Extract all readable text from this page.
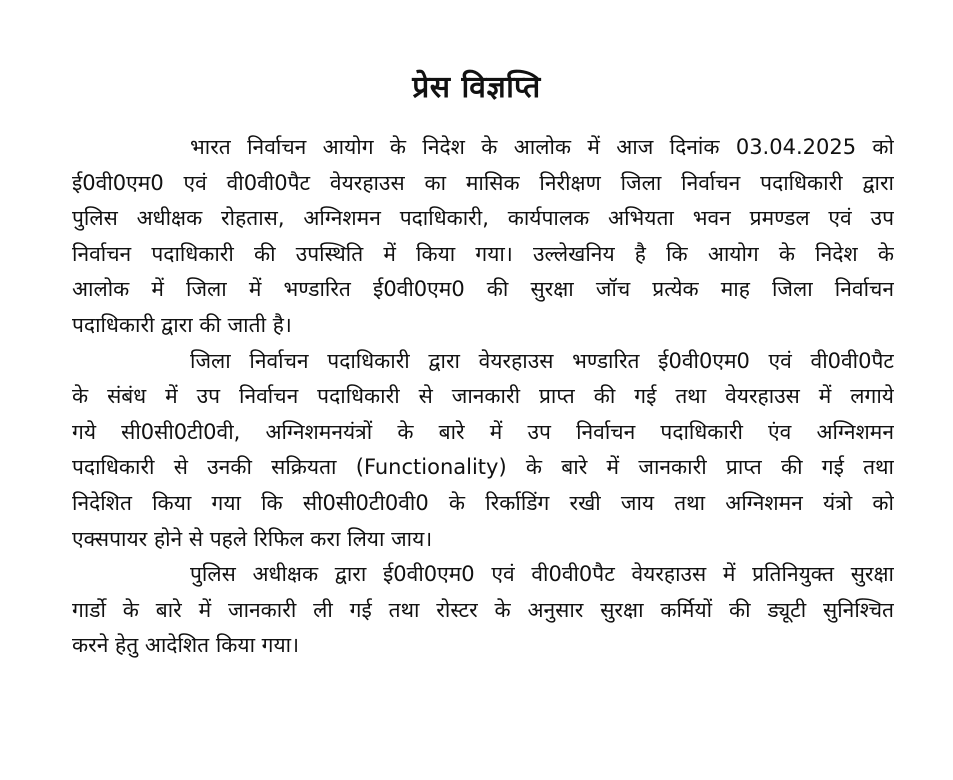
प्रेस विज्ञप्ति
भारत निर्वाचन आयोग के निदेश के आलोक में आज दिनांक 03.04.2025 को
ई0वी0एम0 एवं वी0वी0पैट वेयरहाउस का मासिक निरीक्षण जिला निर्वाचन पदाधिकारी द्वारा
पुलिस अधीक्षक रोहतास, अग्निशमन पदाधिकारी, कार्यपालक अभियता भवन प्रमण्डल एवं उप
निर्वाचन पदाधिकारी की उपस्थिति में किया गया। उल्लेखनिय है कि आयोग के निदेश के
आलोक में जिला में भण्डारित ई0वी0एम0 की सुरक्षा जॉच प्रत्येक माह जिला निर्वाचन
पदाधिकारी द्वारा की जाती है।
जिला निर्वाचन पदाधिकारी द्वारा वेयरहाउस भण्डारित ई0वी0एम0 एवं वी0वी0पैट
के संबंध में उप निर्वाचन पदाधिकारी से जानकारी प्राप्त की गई तथा वेयरहाउस में लगाये
गये सी0सी0टी0वी, अग्निशमनयंत्रों के बारे में उप निर्वाचन पदाधिकारी एंव अग्निशमन
पदाधिकारी से उनकी सक्रियता (Functionality) के बारे में जानकारी प्राप्त की गई तथा
निदेशित किया गया कि सी0सी0टी0वी0 के रिर्काडिंग रखी जाय तथा अग्निशमन यंत्रो को
एक्सपायर होने से पहले रिफिल करा लिया जाय।
पुलिस अधीक्षक द्वारा ई0वी0एम0 एवं वी0वी0पैट वेयरहाउस में प्रतिनियुक्त सुरक्षा
गार्डो के बारे में जानकारी ली गई तथा रोस्टर के अनुसार सुरक्षा कर्मियों की ड्यूटी सुनिश्चित
करने हेतु आदेशित किया गया।
